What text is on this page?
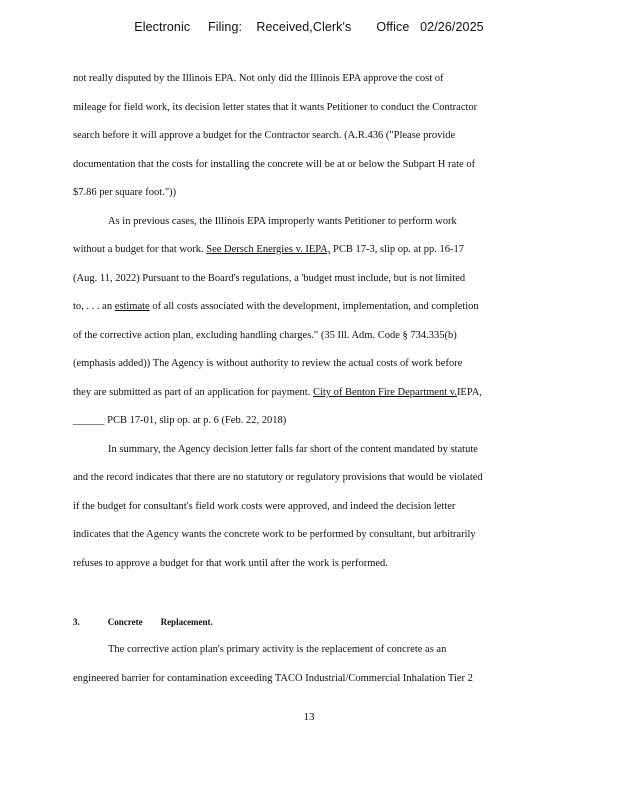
Electronic     Filing:    Received,Clerk's       Office   02/26/2025
not really disputed by the Illinois EPA. Not only did the Illinois EPA approve the cost of
mileage for field work, its decision letter states that it wants Petitioner to conduct the Contractor
search before it will approve a budget for the Contractor search. (A.R.436 ("Please provide
documentation that the costs for installing the concrete will be at or below the Subpart H rate of
$7.86 per square foot."))
As in previous cases, the Illinois EPA improperly wants Petitioner to perform work
without a budget for that work. See Dersch Energies v. IEPA, PCB 17-3, slip op. at pp. 16-17
(Aug. 11, 2022) Pursuant to the Board's regulations, a 'budget must include, but is not limited
to, . . . an estimate of all costs associated with the development, implementation, and completion
of the corrective action plan, excluding handling charges." (35 Ill. Adm. Code § 734.335(b)
(emphasis added)) The Agency is without authority to review the actual costs of work before
they are submitted as part of an application for payment. City of Benton Fire Department v.IEPA,
______ PCB 17-01, slip op. at p. 6 (Feb. 22, 2018)
In summary, the Agency decision letter falls far short of the content mandated by statute
and the record indicates that there are no statutory or regulatory provisions that would be violated
if the budget for consultant's field work costs were approved, and indeed the decision letter
indicates that the Agency wants the concrete work to be performed by consultant, but arbitrarily
refuses to approve a budget for that work until after the work is performed.
3.	Concrete        Replacement.
The corrective action plan's primary activity is the replacement of concrete as an
engineered barrier for contamination exceeding TACO Industrial/Commercial Inhalation Tier 2
13
